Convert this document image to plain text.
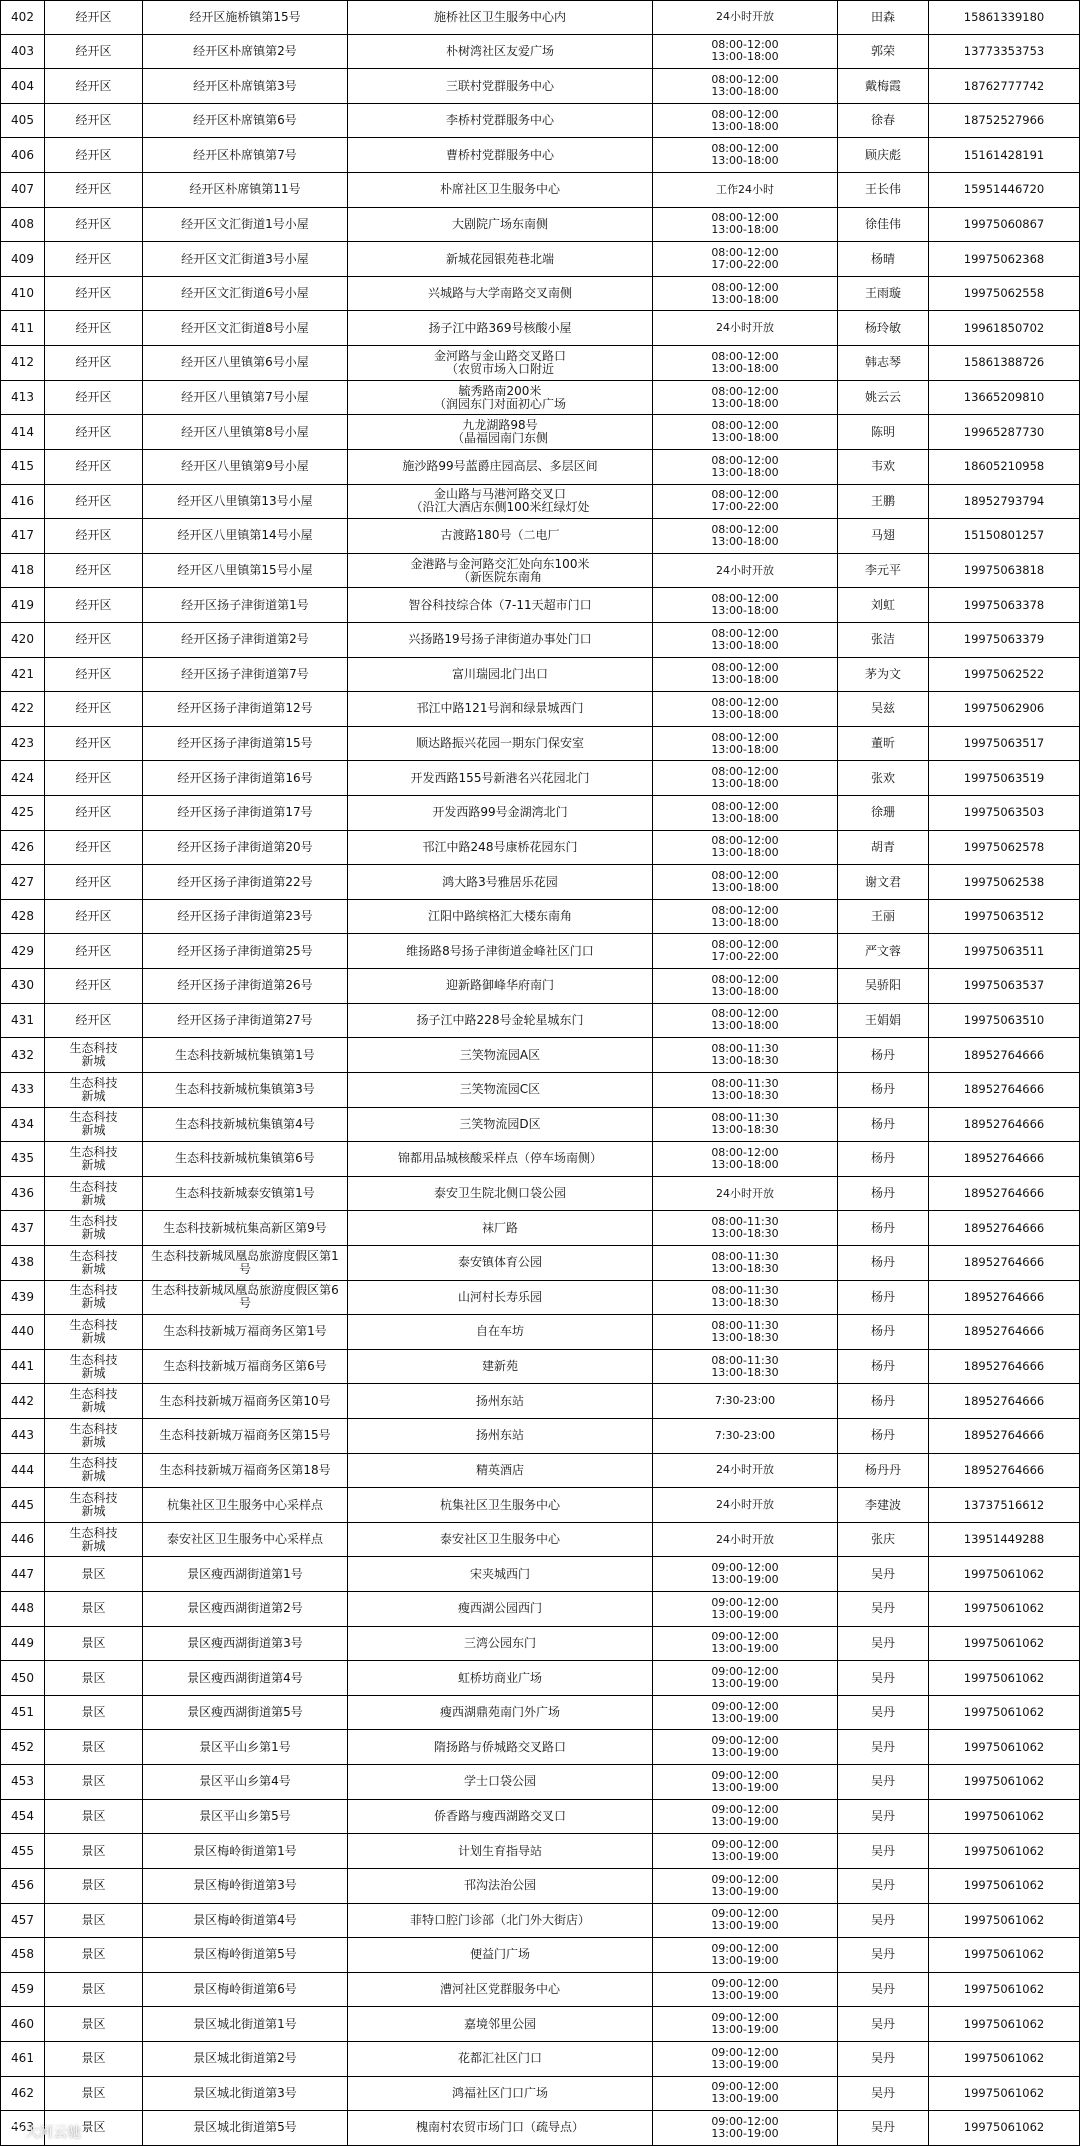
402	经开区	经开区施桥镇第15号	施桥社区卫生服务中心内	24小时开放	田森	15861339180
403	经开区	经开区朴席镇第2号	朴树湾社区友爱广场	08:00-12:00
13:00-18:00	郭荣	13773353753
404	经开区	经开区朴席镇第3号	三联村党群服务中心	08:00-12:00
13:00-18:00	戴梅霞	18762777742
405	经开区	经开区朴席镇第6号	李桥村党群服务中心	08:00-12:00
13:00-18:00	徐春	18752527966
406	经开区	经开区朴席镇第7号	曹桥村党群服务中心	08:00-12:00
13:00-18:00	顾庆彪	15161428191
407	经开区	经开区朴席镇第11号	朴席社区卫生服务中心	工作24小时	王长伟	15951446720
408	经开区	经开区文汇街道1号小屋	大剧院广场东南侧	08:00-12:00
13:00-18:00	徐佳伟	19975060867
409	经开区	经开区文汇街道3号小屋	新城花园银苑巷北端	08:00-12:00
17:00-22:00	杨晴	19975062368
410	经开区	经开区文汇街道6号小屋	兴城路与大学南路交叉南侧	08:00-12:00
13:00-18:00	王雨璇	19975062558
411	经开区	经开区文汇街道8号小屋	扬子江中路369号核酸小屋	24小时开放	杨玲敏	19961850702
412	经开区	经开区八里镇第6号小屋	金河路与金山路交叉路口
（农贸市场入口附近
08:00-12:00
13:00-18:00	韩志琴	15861388726
413	经开区	经开区八里镇第7号小屋	毓秀路南200米
（润园东门对面初心广场
08:00-12:00
13:00-18:00	姚云云	13665209810
414	经开区	经开区八里镇第8号小屋	九龙湖路98号
（晶福园南门东侧
08:00-12:00
13:00-18:00	陈明	19965287730
415	经开区	经开区八里镇第9号小屋	施沙路99号蓝爵庄园高层、多层区间	08:00-12:00
13:00-18:00	韦欢	18605210958
416	经开区	经开区八里镇第13号小屋	金山路与马港河路交叉口
（沿江大酒店东侧100米红绿灯处
08:00-12:00
17:00-22:00	王鹏	18952793794
417	经开区	经开区八里镇第14号小屋	古渡路180号（二电厂	08:00-12:00
13:00-18:00	马翅	15150801257
418	经开区	经开区八里镇第15号小屋	金港路与金河路交汇处向东100米
（新医院东南角	24小时开放	李元平	19975063818
419	经开区	经开区扬子津街道第1号	智谷科技综合体（7-11天超市门口	08:00-12:00
13:00-18:00	刘虹	19975063378
420	经开区	经开区扬子津街道第2号	兴扬路19号扬子津街道办事处门口	08:00-12:00
13:00-18:00	张洁	19975063379
421	经开区	经开区扬子津街道第7号	富川瑞园北门出口	08:00-12:00
13:00-18:00	茅为文	19975062522
422	经开区	经开区扬子津街道第12号	邗江中路121号润和绿景城西门	08:00-12:00
13:00-18:00	吴兹	19975062906
423	经开区	经开区扬子津街道第15号	顺达路振兴花园一期东门保安室	08:00-12:00
13:00-18:00	董昕	19975063517
424	经开区	经开区扬子津街道第16号	开发西路155号新港名兴花园北门	08:00-12:00
13:00-18:00	张欢	19975063519
425	经开区	经开区扬子津街道第17号	开发西路99号金湖湾北门	08:00-12:00
13:00-18:00	徐珊	19975063503
426	经开区	经开区扬子津街道第20号	邗江中路248号康桥花园东门	08:00-12:00
13:00-18:00	胡青	19975062578
427	经开区	经开区扬子津街道第22号	鸿大路3号雅居乐花园	08:00-12:00
13:00-18:00	谢文君	19975062538
428	经开区	经开区扬子津街道第23号	江阳中路缤格汇大楼东南角	08:00-12:00
13:00-18:00	王丽	19975063512
429	经开区	经开区扬子津街道第25号	维扬路8号扬子津街道金峰社区门口	08:00-12:00
17:00-22:00	严文蓉	19975063511
430	经开区	经开区扬子津街道第26号	迎新路御峰华府南门	08:00-12:00
13:00-18:00	吴骄阳	19975063537
431	经开区	经开区扬子津街道第27号	扬子江中路228号金轮星城东门	08:00-12:00
13:00-18:00	王娟娟	19975063510
432	生态科技
新城	生态科技新城杭集镇第1号	三笑物流园A区	08:00-11:30
13:00-18:30	杨丹	18952764666
433	生态科技
新城	生态科技新城杭集镇第3号	三笑物流园C区	08:00-11:30
13:00-18:30	杨丹	18952764666
434	生态科技
新城	生态科技新城杭集镇第4号	三笑物流园D区	08:00-11:30
13:00-18:30	杨丹	18952764666
435	生态科技
新城	生态科技新城杭集镇第6号	锦都用品城核酸采样点（停车场南侧）	08:00-12:00
13:00-18:00	杨丹	18952764666
436	生态科技
新城	生态科技新城泰安镇第1号	泰安卫生院北侧口袋公园	24小时开放	杨丹	18952764666
437	生态科技
新城	生态科技新城杭集高新区第9号	袜厂路	08:00-11:30
13:00-18:30	杨丹	18952764666
438	生态科技
新城
生态科技新城凤凰岛旅游度假区第1
号	泰安镇体育公园	08:00-11:30
13:00-18:30	杨丹	18952764666
439	生态科技
新城
生态科技新城凤凰岛旅游度假区第6
号	山河村长寿乐园	08:00-11:30
13:00-18:30	杨丹	18952764666
440	生态科技
新城	生态科技新城万福商务区第1号	自在车坊	08:00-11:30
13:00-18:30	杨丹	18952764666
441	生态科技
新城	生态科技新城万福商务区第6号	建新苑	08:00-11:30
13:00-18:30	杨丹	18952764666
442	生态科技
新城	生态科技新城万福商务区第10号	扬州东站	7:30-23:00	杨丹	18952764666
443	生态科技
新城	生态科技新城万福商务区第15号	扬州东站	7:30-23:00	杨丹	18952764666
444	生态科技
新城	生态科技新城万福商务区第18号	精英酒店	24小时开放	杨丹丹	18952764666
445	生态科技
新城	杭集社区卫生服务中心采样点	杭集社区卫生服务中心	24小时开放	李建波	13737516612
446	生态科技
新城	泰安社区卫生服务中心采样点	泰安社区卫生服务中心	24小时开放	张庆	13951449288
447	景区	景区瘦西湖街道第1号	宋夹城西门	09:00-12:00
13:00-19:00	吴丹	19975061062
448	景区	景区瘦西湖街道第2号	瘦西湖公园西门	09:00-12:00
13:00-19:00	吴丹	19975061062
449	景区	景区瘦西湖街道第3号	三湾公园东门	09:00-12:00
13:00-19:00	吴丹	19975061062
450	景区	景区瘦西湖街道第4号	虹桥坊商业广场	09:00-12:00
13:00-19:00	吴丹	19975061062
451	景区	景区瘦西湖街道第5号	瘦西湖鼎苑南门外广场	09:00-12:00
13:00-19:00	吴丹	19975061062
452	景区	景区平山乡第1号	隋扬路与侨城路交叉路口	09:00-12:00
13:00-19:00	吴丹	19975061062
453	景区	景区平山乡第4号	学士口袋公园	09:00-12:00
13:00-19:00	吴丹	19975061062
454	景区	景区平山乡第5号	侨香路与瘦西湖路交叉口	09:00-12:00
13:00-19:00	吴丹	19975061062
455	景区	景区梅岭街道第1号	计划生育指导站	09:00-12:00
13:00-19:00	吴丹	19975061062
456	景区	景区梅岭街道第3号	邗沟法治公园	09:00-12:00
13:00-19:00	吴丹	19975061062
457	景区	景区梅岭街道第4号	菲特口腔门诊部（北门外大街店）	09:00-12:00
13:00-19:00	吴丹	19975061062
458	景区	景区梅岭街道第5号	便益门广场	09:00-12:00
13:00-19:00	吴丹	19975061062
459	景区	景区梅岭街道第6号	漕河社区党群服务中心	09:00-12:00
13:00-19:00	吴丹	19975061062
460	景区	景区城北街道第1号	嘉境邻里公园	09:00-12:00
13:00-19:00	吴丹	19975061062
461	景区	景区城北街道第2号	花都汇社区门口	09:00-12:00
13:00-19:00	吴丹	19975061062
462	景区	景区城北街道第3号	鸿福社区门口广场	09:00-12:00
13:00-19:00	吴丹	19975061062
463	景区	景区城北街道第5号	槐南村农贸市场门口（疏导点）	09:00-12:00
13:00-19:00	吴丹	19975061062
大河云驰
